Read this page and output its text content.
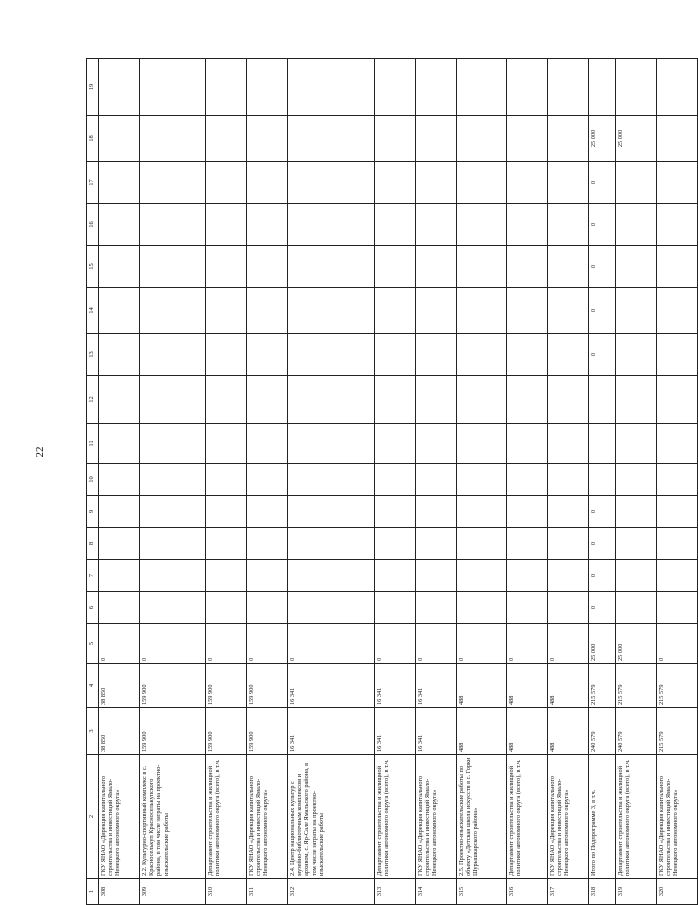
22
1	2	3	4	5	6	7	8	9	10	11	12	13	14	15	16	17	18	19
308	ГКУ ЯНАО «Дирекция капитального строительства и инвестиций Ямало-Ненецкого автономного округа»	38 850	38 850	0														
309	2.2. Культурно-спортивный комплекс в с. Красноселькуп Красноселькупского района, в том числе затраты на проектно-изыскательские работы	159 900	159 900	0														
310	Департамент строительства и жилищной политики автономного округа (всего), в т.ч.	159 900	159 900	0														
311	ГКУ ЯНАО «Дирекция капитального строительства и инвестиций Ямало-Ненецкого автономного округа»	159 900	159 900	0														
312	2.4. Центр национальных культур с музейно-библиотечным комплексом и архивом, с. Яр-Сале Ямальского района, в том числе затраты на проектно-изыскательские работы	16 341	16 341	0														
313	Департамент строительства и жилищной политики автономного округа (всего), в т.ч.	16 341	16 341	0														
314	ГКУ ЯНАО «Дирекция капитального строительства и инвестиций Ямало-Ненецкого автономного округа»	16 341	16 341	0														
315	2.5. Проектно-изыскательские работы по объекту «Детская школа искусств в с. Горки Шурышкарского района»	488	488	0														
316	Департамент строительства и жилищной политики автономного округа (всего), в т.ч.	488	488	0														
317	ГКУ ЯНАО «Дирекция капитального строительства и инвестиций Ямало-Ненецкого автономного округа»	488	488	0														
318	Итого по Подпрограмме 3, в т.ч.	240 579	215 579	25 000	0	0	0	0				0	0	0	0	0	25 000	
319	Департамент строительства и жилищной политики автономного округа (всего), в т.ч.	240 579	215 579	25 000													25 000	
320	ГКУ ЯНАО «Дирекция капитального строительства и инвестиций Ямало-Ненецкого автономного округа»	215 579	215 579	0														
